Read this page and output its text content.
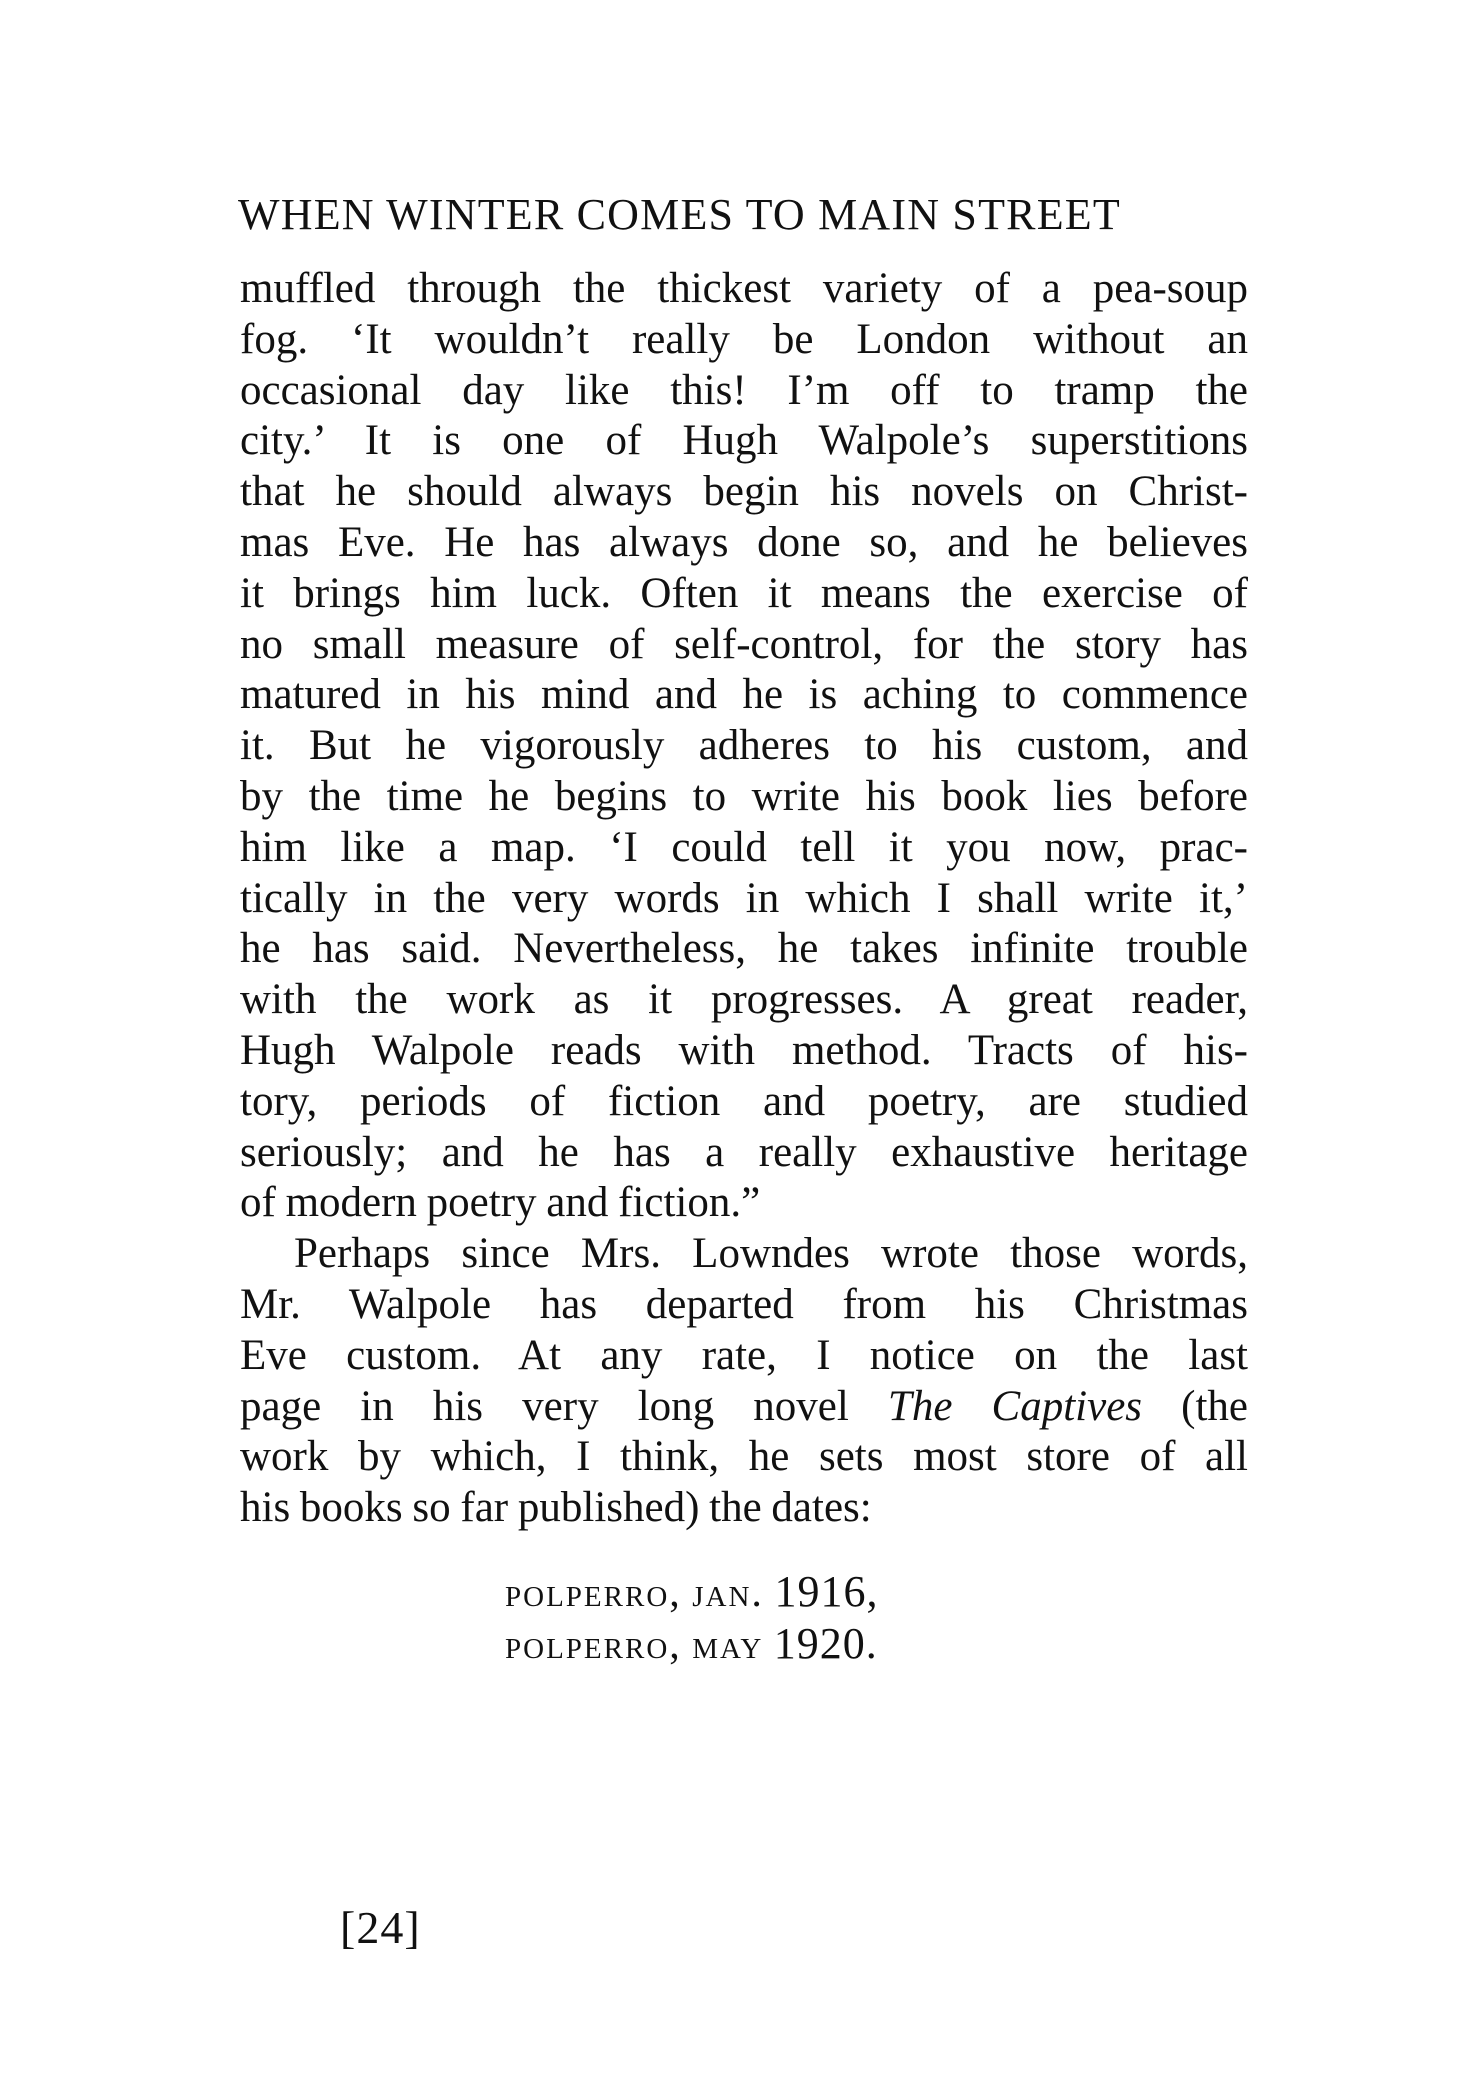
WHEN WINTER COMES TO MAIN STREET
muffled through the thickest variety of a pea-soup
fog. ‘It wouldn’t really be London without an
occasional day like this! I’m off to tramp the
city.’ It is one of Hugh Walpole’s superstitions
that he should always begin his novels on Christ-
mas Eve. He has always done so, and he believes
it brings him luck. Often it means the exercise of
no small measure of self-control, for the story has
matured in his mind and he is aching to commence
it. But he vigorously adheres to his custom, and
by the time he begins to write his book lies before
him like a map. ‘I could tell it you now, prac-
tically in the very words in which I shall write it,’
he has said. Nevertheless, he takes infinite trouble
with the work as it progresses. A great reader,
Hugh Walpole reads with method. Tracts of his-
tory, periods of fiction and poetry, are studied
seriously; and he has a really exhaustive heritage
of modern poetry and fiction.”
Perhaps since Mrs. Lowndes wrote those words,
Mr. Walpole has departed from his Christmas
Eve custom. At any rate, I notice on the last
page in his very long novel The Captives (the
work by which, I think, he sets most store of all
his books so far published) the dates:
polperro, jan. 1916,
polperro, may 1920.
[24]
